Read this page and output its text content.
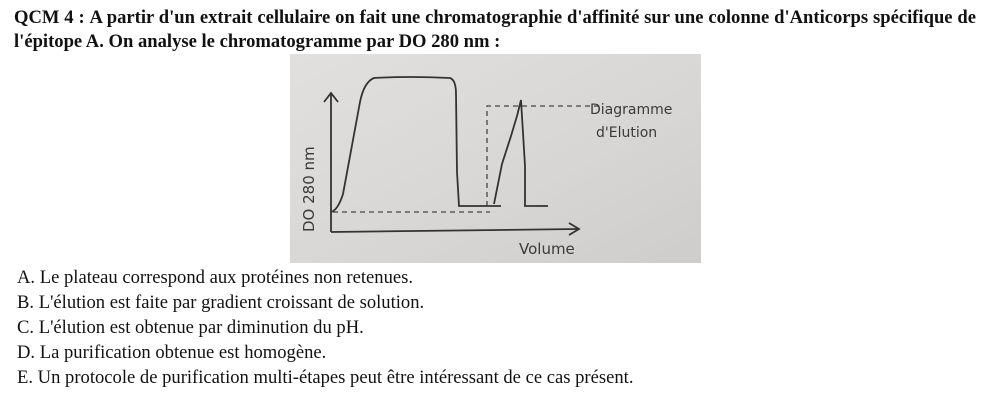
QCM 4 : A partir d'un extrait cellulaire on fait une chromatographie d'affinité sur une colonne d'Anticorps spécifique de l'épitope A. On analyse le chromatogramme par DO 280 nm :

DO 280 nm
Volume
Diagramme
d'Elution
A. Le plateau correspond aux protéines non retenues.
B. L'élution est faite par gradient croissant de solution.
C. L'élution est obtenue par diminution du pH.
D. La purification obtenue est homogène.
E. Un protocole de purification multi-étapes peut être intéressant de ce cas présent.
